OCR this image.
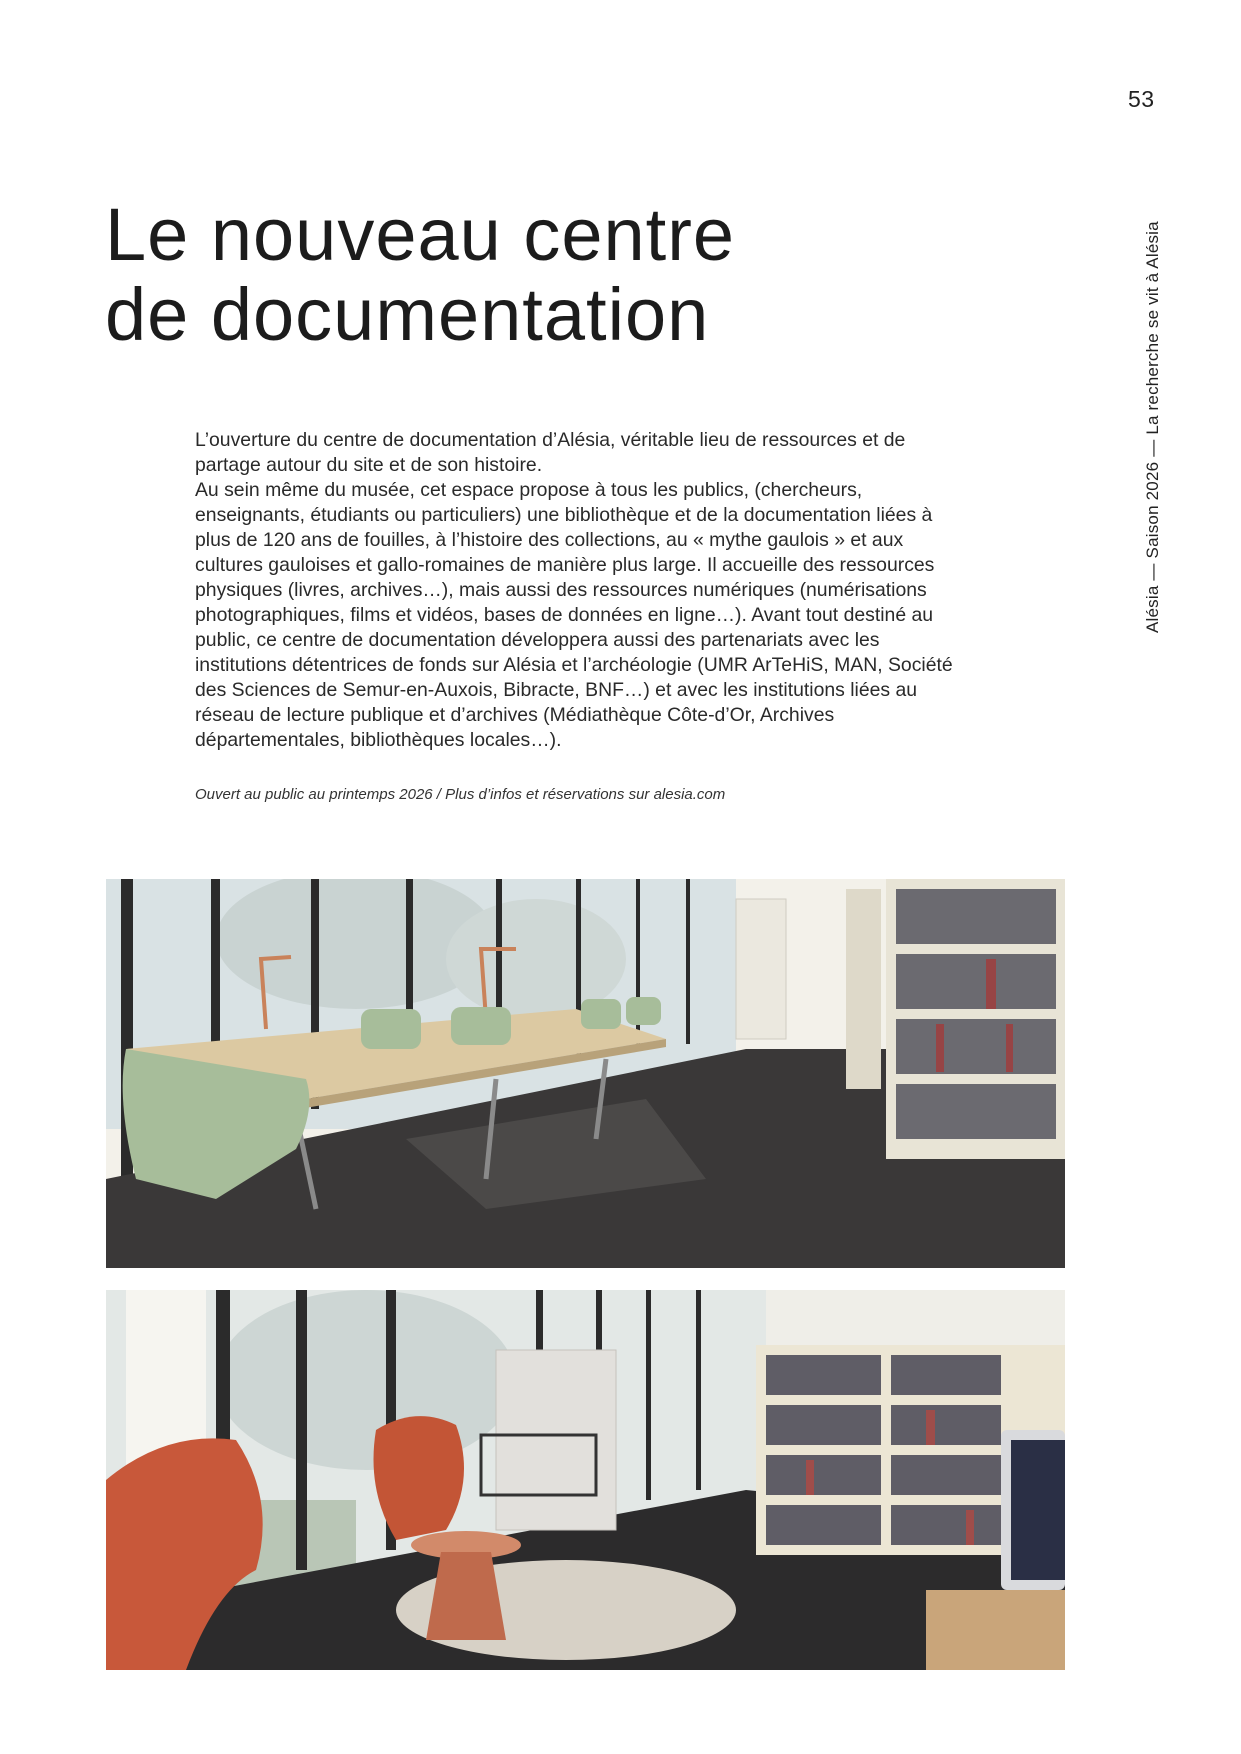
53
Alésia — Saison 2026 — La recherche se vit à Alésia
Le nouveau centre
de documentation

L’ouverture du centre de documentation d’Alésia, véritable lieu de ressources et de partage autour du site et de son histoire.

Au sein même du musée, cet espace propose à tous les publics, (chercheurs, enseignants, étudiants ou particuliers) une bibliothèque et de la documentation liées à plus de 120 ans de fouilles, à l’histoire des collections, au « mythe gaulois » et aux cultures gauloises et gallo-romaines de manière plus large. Il accueille des ressources physiques (livres, archives…), mais aussi des ressources numériques (numérisations photographiques, films et vidéos, bases de données en ligne…). Avant tout destiné au public, ce centre de documentation développera aussi des partenariats avec les institutions détentrices de fonds sur Alésia et l’archéologie (UMR ArTeHiS, MAN, Société des Sciences de Semur-en-Auxois, Bibracte, BNF…) et avec les institutions liées au réseau de lecture publique et d’archives (Médiathèque Côte-d’Or, Archives départementales, bibliothèques locales…).

Ouvert au public au printemps 2026 / Plus d’infos et réservations sur alesia.com
